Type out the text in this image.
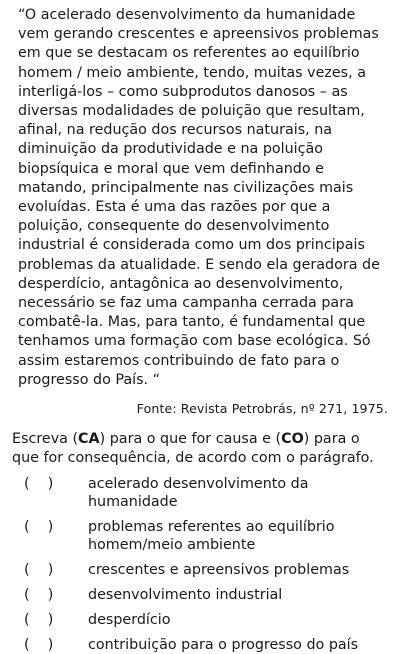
“O acelerado desenvolvimento da humanidade vem gerando crescentes e apreensivos problemas em que se destacam os referentes ao equilíbrio homem / meio ambiente, tendo, muitas vezes, a interligá-los – como subprodutos danosos – as diversas modalidades de poluição que resultam, afinal, na redução dos recursos naturais, na diminuição da produtividade e na poluição biopsíquica e moral que vem definhando e matando, principalmente nas civilizações mais evoluídas. Esta é uma das razões por que a poluição, consequente do desenvolvimento industrial é considerada como um dos principais problemas da atualidade. E sendo ela geradora de desperdício, antagônica ao desenvolvimento, necessário se faz uma campanha cerrada para combatê-la. Mas, para tanto, é fundamental que tenhamos uma formação com base ecológica. Só assim estaremos contribuindo de fato para o progresso do País. “

Fonte: Revista Petrobrás, nº 271, 1975.
Escreva (CA) para o que for causa e (CO) para o que for consequência, de acordo com o parágrafo.
(    )	acelerado desenvolvimento da humanidade
(    )	problemas referentes ao equilíbrio homem/meio ambiente
(    )	crescentes e apreensivos problemas
(    )	desenvolvimento industrial
(    )	desperdício
(    )	contribuição para o progresso do país
